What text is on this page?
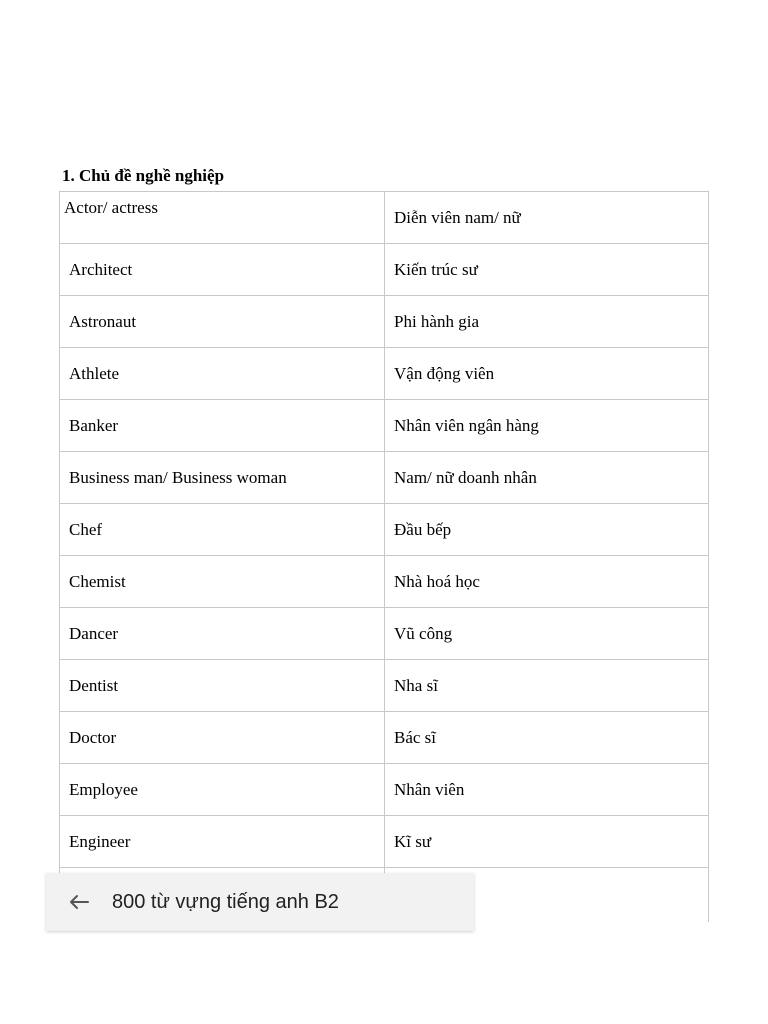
1. Chủ đề nghề nghiệp
Actor/ actress	Diễn viên nam/ nữ
Architect	Kiến trúc sư
Astronaut	Phi hành gia
Athlete	Vận động viên
Banker	Nhân viên ngân hàng
Business man/ Business woman	Nam/ nữ doanh nhân
Chef	Đầu bếp
Chemist	Nhà hoá học
Dancer	Vũ công
Dentist	Nha sĩ
Doctor	Bác sĩ
Employee	Nhân viên
Engineer	Kĩ sư

800 từ vựng tiếng anh B2
